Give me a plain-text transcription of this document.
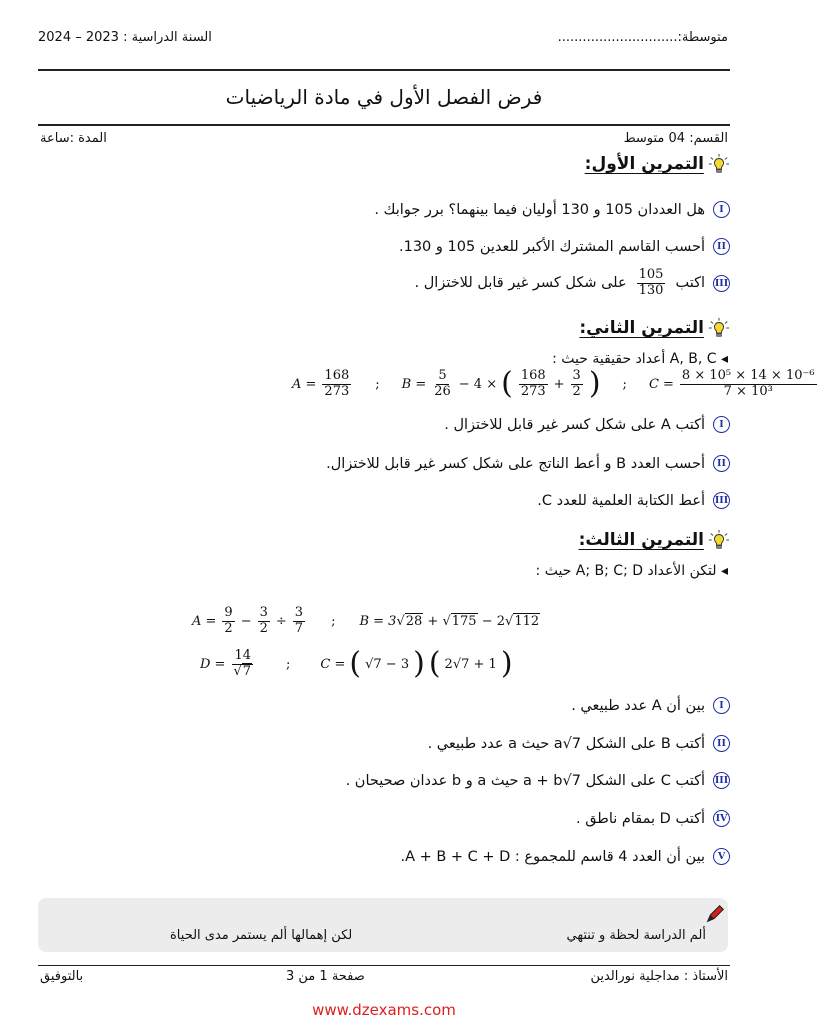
متوسطة:.............................
السنة الدراسية : 2023 – 2024
فرض الفصل الأول في مادة الرياضيات
القسم: 04 متوسط
المدة :ساعة
التمرين الأول:
I
هل العددان 105 و 130 أوليان فيما بينهما؟ برر جوابك .
II
أحسب القاسم المشترك الأكبر للعدين 105 و 130.
III
اكتب
$\frac{105}{130}$
على شكل كسر غير قابل للاختزال .
التمرين الثاني:
◂ A, B, C أعداد حقيقية حيث :
$A = \frac{168}{273}$ ; $B = \frac{5}{26} - 4$ × ( $\frac{168}{273} + \frac{3}{2}$ ) ; $C = \frac{\text{8 × 10⁵ × 14 × 10⁻⁶}}{\text{7 × 10³}}$
I
أكتب A على شكل كسر غير قابل للاختزال .
II
أحسب العدد B و أعط الناتج على شكل كسر غير قابل للاختزال.
III
أعط الكتابة العلمية للعدد C.
التمرين الثالث:
◂ لتكن الأعداد A; B; C; D حيث :
$A = \frac{9}{2} - \frac{3}{2} \div \frac{3}{7}$ ; B = 3√28 + √175 − 2√112
$D = \frac{14}{√7}$ ; C = ( √7 − 3 ) ( 2√7 + 1 )
I
بين أن A عدد طبيعي .
II
أكتب B على الشكل a√7 حيث a عدد طبيعي .
III
أكتب C على الشكل a + b√7 حيث a و b عددان صحيحان .
IV
أكتب D بمقام ناطق .
V
بين أن العدد 4 قاسم للمجموع : A + B + C + D.
ألم الدراسة لحظة و تنتهي
لكن إهمالها ألم يستمر مدى الحياة
الأستاذ : مداجلية نورالدين
صفحة 1 من 3
بالتوفيق
www.dzexams.com
